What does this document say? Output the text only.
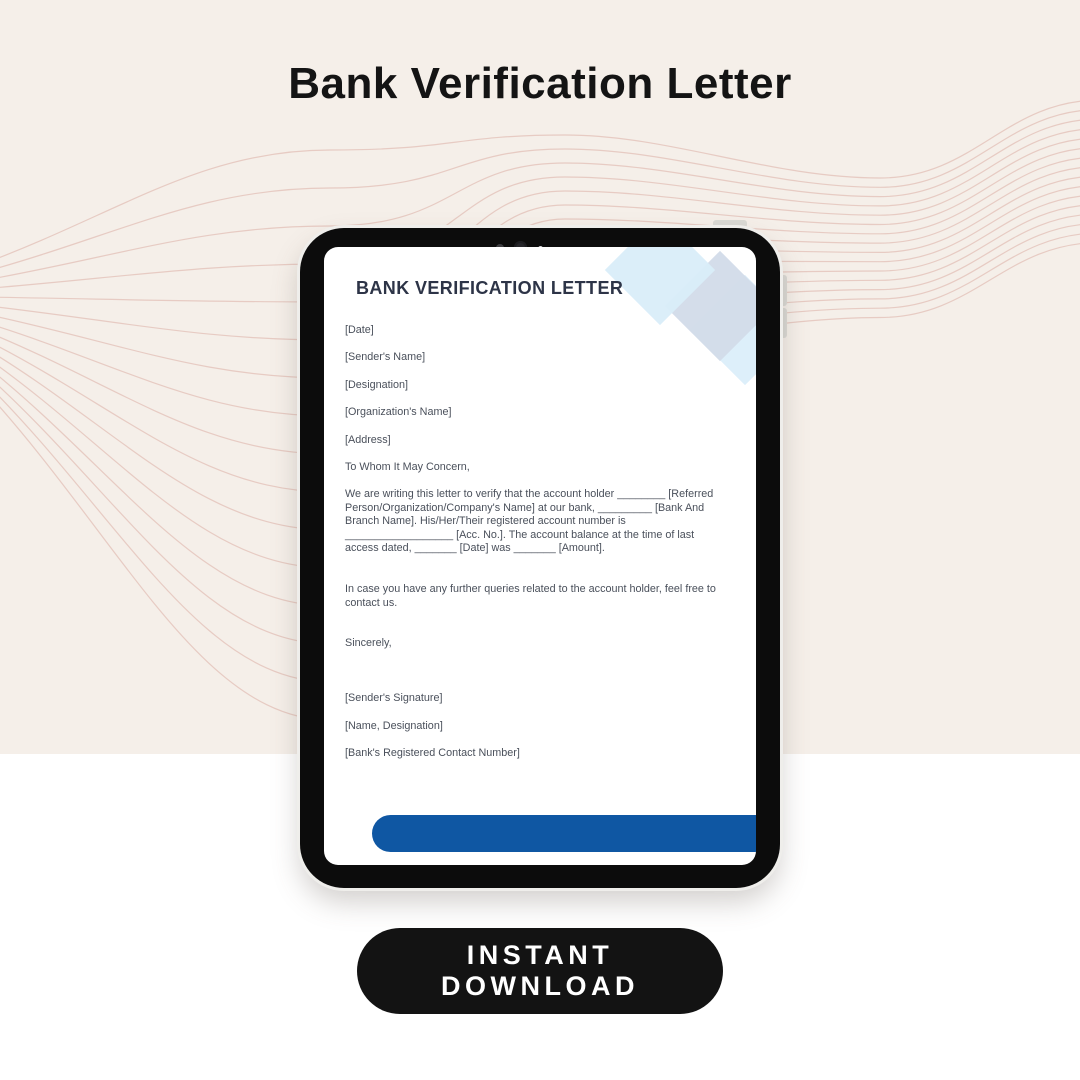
Bank Verification Letter
BANK VERIFICATION LETTER

[Date]

[Sender's Name]

[Designation]

[Organization's Name]

[Address]

To Whom It May Concern,

We are writing this letter to verify that the account holder ________ [Referred Person/Organization/Company's Name] at our bank, _________ [Bank And Branch Name]. His/Her/Their registered account number is __________________ [Acc. No.]. The account balance at the time of last access dated, _______ [Date] was _______ [Amount].

In case you have any further queries related to the account holder, feel free to contact us.

Sincerely,

[Sender's Signature]

[Name, Designation]

[Bank's Registered Contact Number]

INSTANT DOWNLOAD
